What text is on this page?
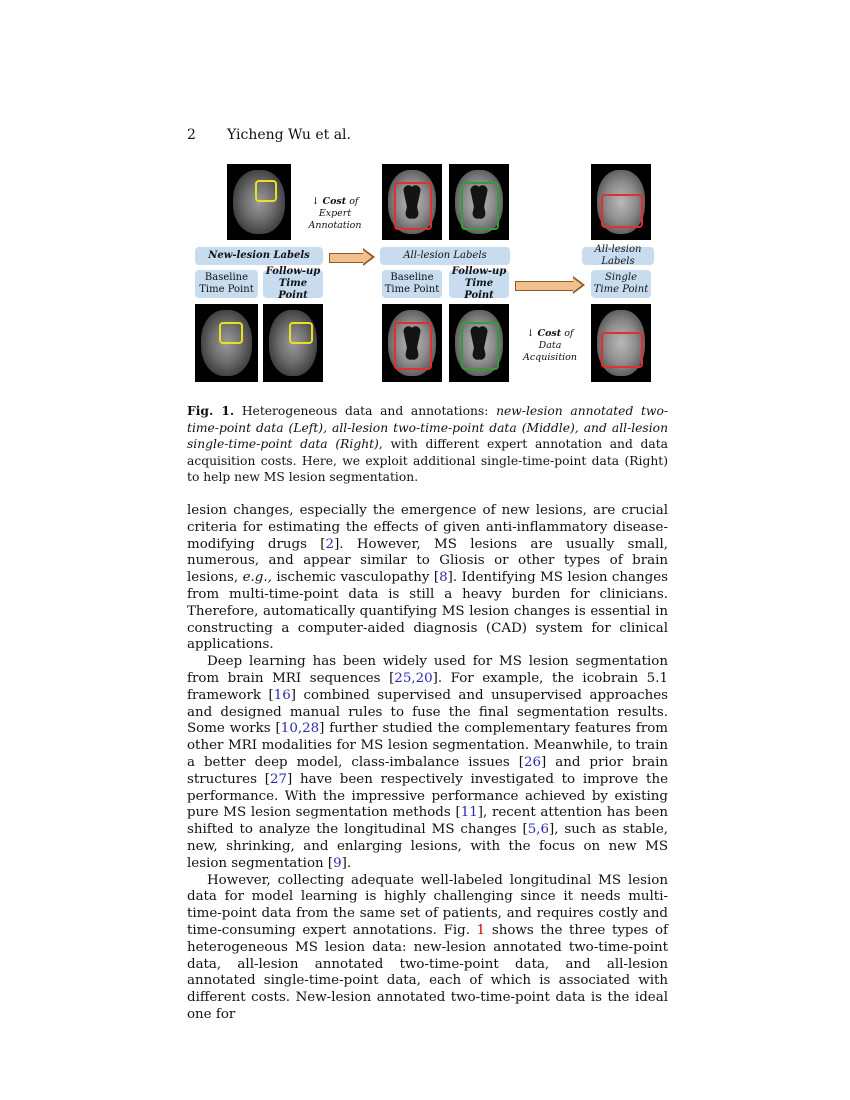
2 Yicheng Wu et al.
↓ Cost of
Expert Annotation
New-lesion Labels	All-lesion Labels
All-lesion Labels
Baseline
Time Point
Follow-up
Time Point
Baseline
Time Point
Follow-up
Time Point
Single
Time Point
↓ Cost of
Data Acquisition
Fig. 1. Heterogeneous data and annotations: new-lesion annotated two-time-point data (Left), all-lesion two-time-point data (Middle), and all-lesion single-time-point data (Right), with different expert annotation and data acquisition costs. Here, we exploit additional single-time-point data (Right) to help new MS lesion segmentation.

lesion changes, especially the emergence of new lesions, are crucial criteria for estimating the effects of given anti-inflammatory disease-modifying drugs [2]. However, MS lesions are usually small, numerous, and appear similar to Gliosis or other types of brain lesions, e.g., ischemic vasculopathy [8]. Identifying MS lesion changes from multi-time-point data is still a heavy burden for clinicians. Therefore, automatically quantifying MS lesion changes is essential in constructing a computer-aided diagnosis (CAD) system for clinical applications.

Deep learning has been widely used for MS lesion segmentation from brain MRI sequences [25,20]. For example, the icobrain 5.1 framework [16] combined supervised and unsupervised approaches and designed manual rules to fuse the final segmentation results. Some works [10,28] further studied the complementary features from other MRI modalities for MS lesion segmentation. Meanwhile, to train a better deep model, class-imbalance issues [26] and prior brain structures [27] have been respectively investigated to improve the performance. With the impressive performance achieved by existing pure MS lesion segmentation methods [11], recent attention has been shifted to analyze the longitudinal MS changes [5,6], such as stable, new, shrinking, and enlarging lesions, with the focus on new MS lesion segmentation [9].

However, collecting adequate well-labeled longitudinal MS lesion data for model learning is highly challenging since it needs multi-time-point data from the same set of patients, and requires costly and time-consuming expert annotations. Fig. 1 shows the three types of heterogeneous MS lesion data: new-lesion annotated two-time-point data, all-lesion annotated two-time-point data, and all-lesion annotated single-time-point data, each of which is associated with different costs. New-lesion annotated two-time-point data is the ideal one for
